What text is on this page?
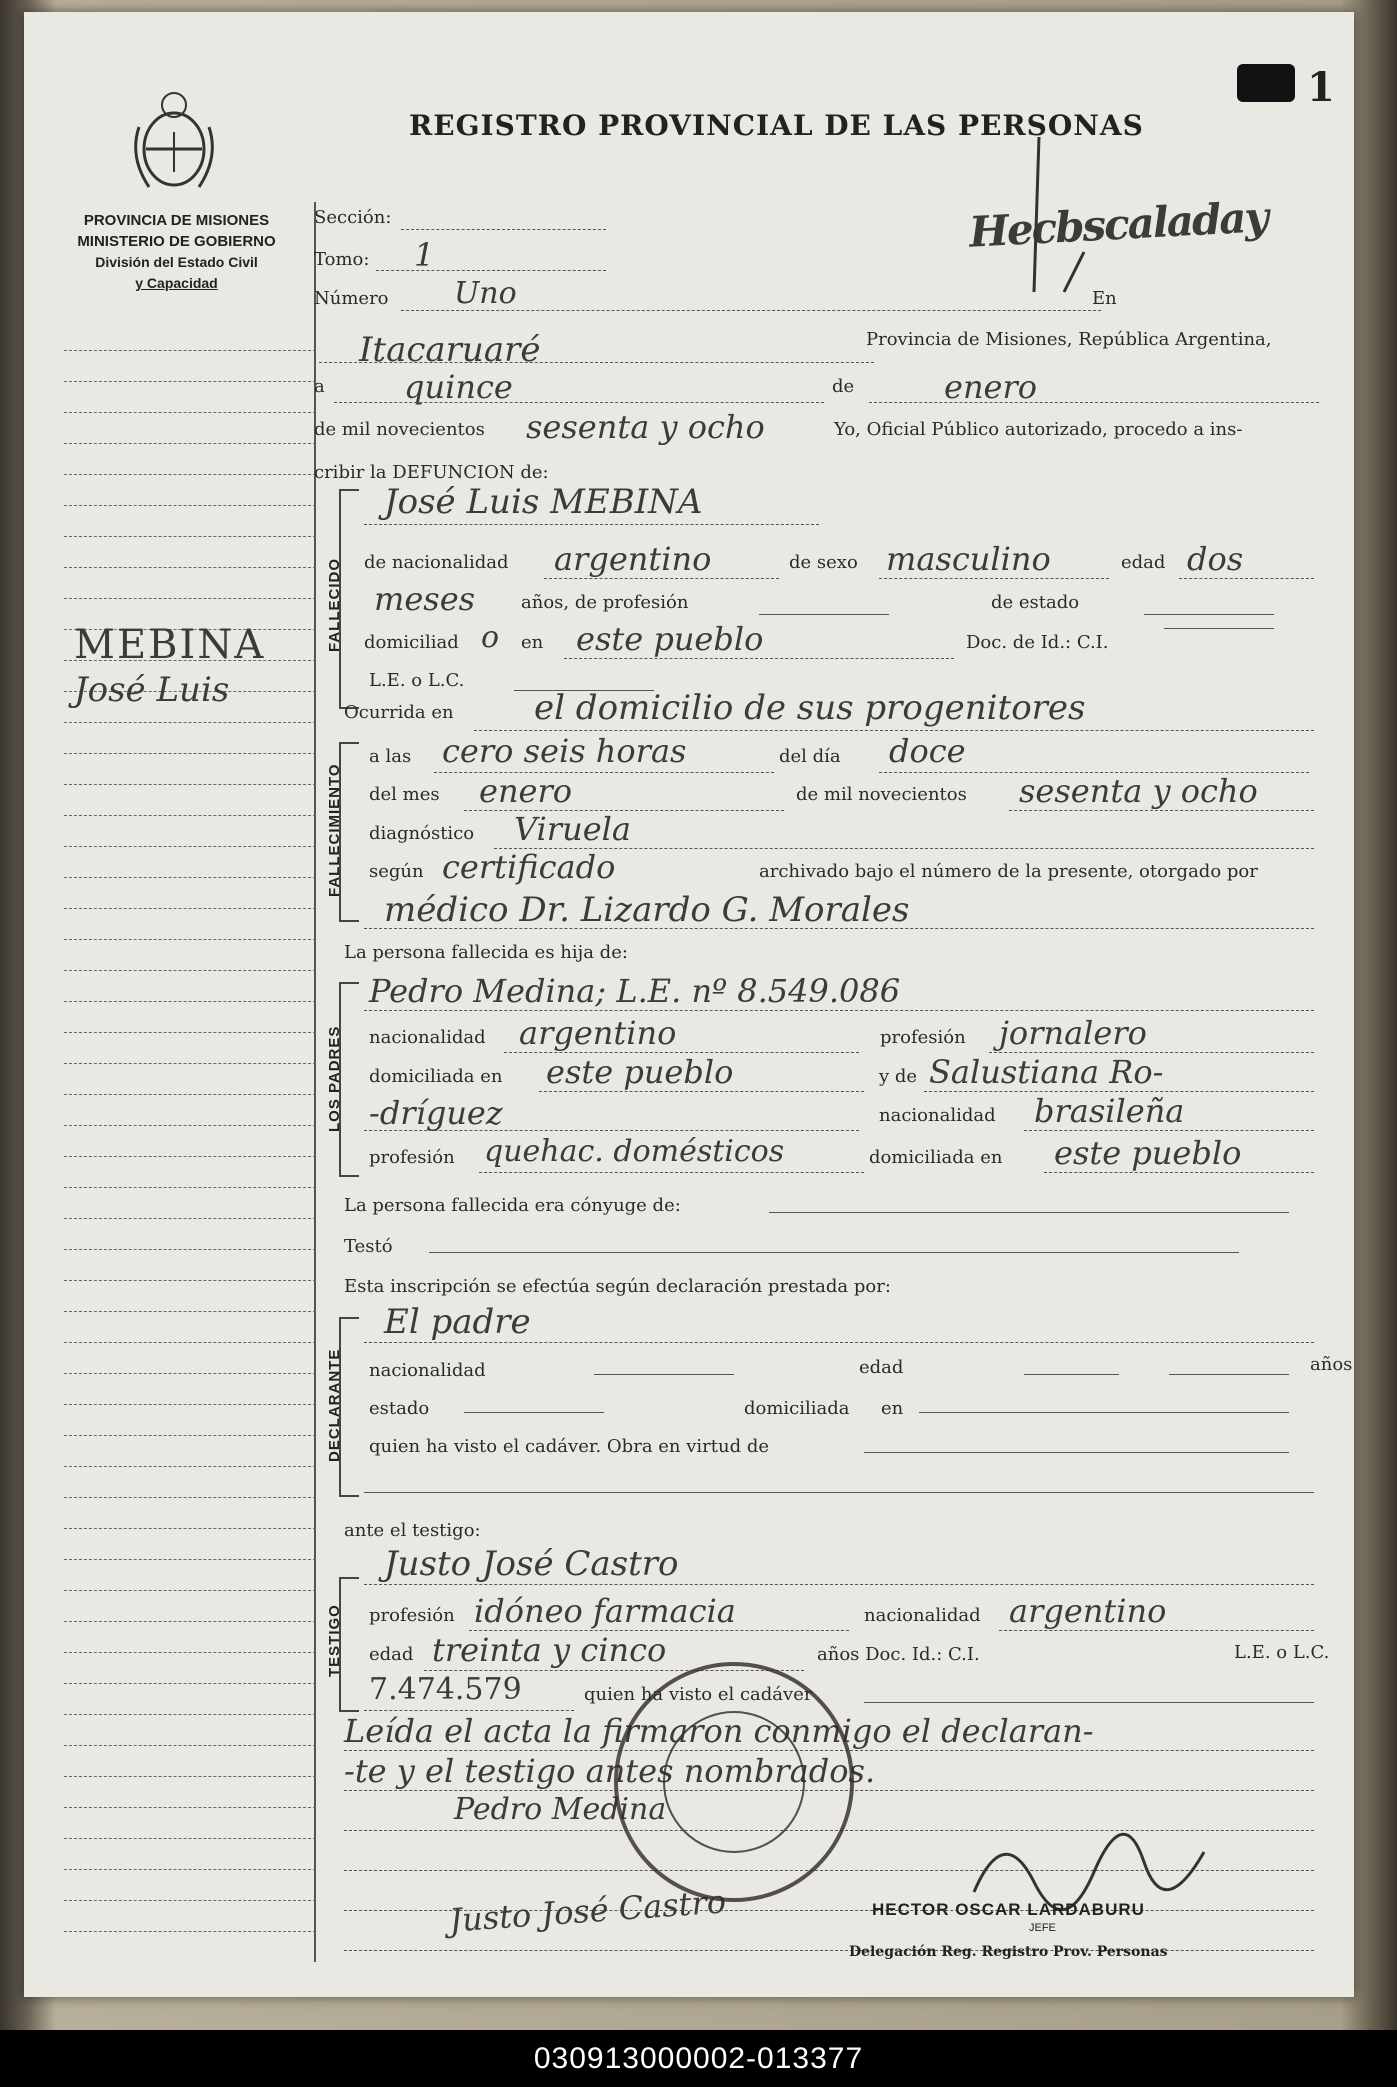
PROVINCIA DE MISIONES
MINISTERIO DE GOBIERNO
División del Estado Civil
y Capacidad
REGISTRO PROVINCIAL DE LAS PERSONAS
1
Hecbscaladay
MEBINA
José Luis
Sección:
Tomo: 1
Número Uno	En
Itacaruaré	Provincia de Misiones, República Argentina,
a quince	de	enero
de mil novecientos sesenta y ocho	Yo, Oficial Público autorizado, procedo a ins-
cribir la DEFUNCION de:
FALLECIDO
José Luis MEBINA
de nacionalidad argentino	de sexo masculino	edad dos
meses	años, de profesión	de estado
domiciliad o en este pueblo	Doc. de Id.: C.I.
L.E. o L.C.
Ocurrida en el domicilio de sus progenitores
FALLECIMIENTO
a las cero seis horas	del día doce
del mes enero	de mil novecientos sesenta y ocho
diagnóstico Viruela
según certificado	archivado bajo el número de la presente, otorgado por
médico Dr. Lizardo G. Morales
La persona fallecida es hija de:
LOS PADRES
Pedro Medina; L.E. nº 8.549.086
nacionalidad argentino	profesión jornalero
domiciliada en este pueblo	y de Salustiana Ro-
-dríguez	nacionalidad brasileña
profesión quehac. domésticos	domiciliada en este pueblo
La persona fallecida era cónyuge de:
Testó
Esta inscripción se efectúa según declaración prestada por:
DECLARANTE
El padre
nacionalidad	edad	años
estado	domiciliada en
quien ha visto el cadáver. Obra en virtud de
ante el testigo:
TESTIGO
Justo José Castro
profesión idóneo farmacia	nacionalidad argentino
edad treinta y cinco	años Doc. Id.: C.I.	L.E. o L.C.
7.474.579	quien ha visto el cadáver
Leída el acta la firmaron conmigo el declaran-
-te y el testigo antes nombrados.
Pedro Medina
Justo José Castro	HECTOR OSCAR LARDABURU
JEFE
Delegación Reg. Registro Prov. Personas
030913000002-013377
